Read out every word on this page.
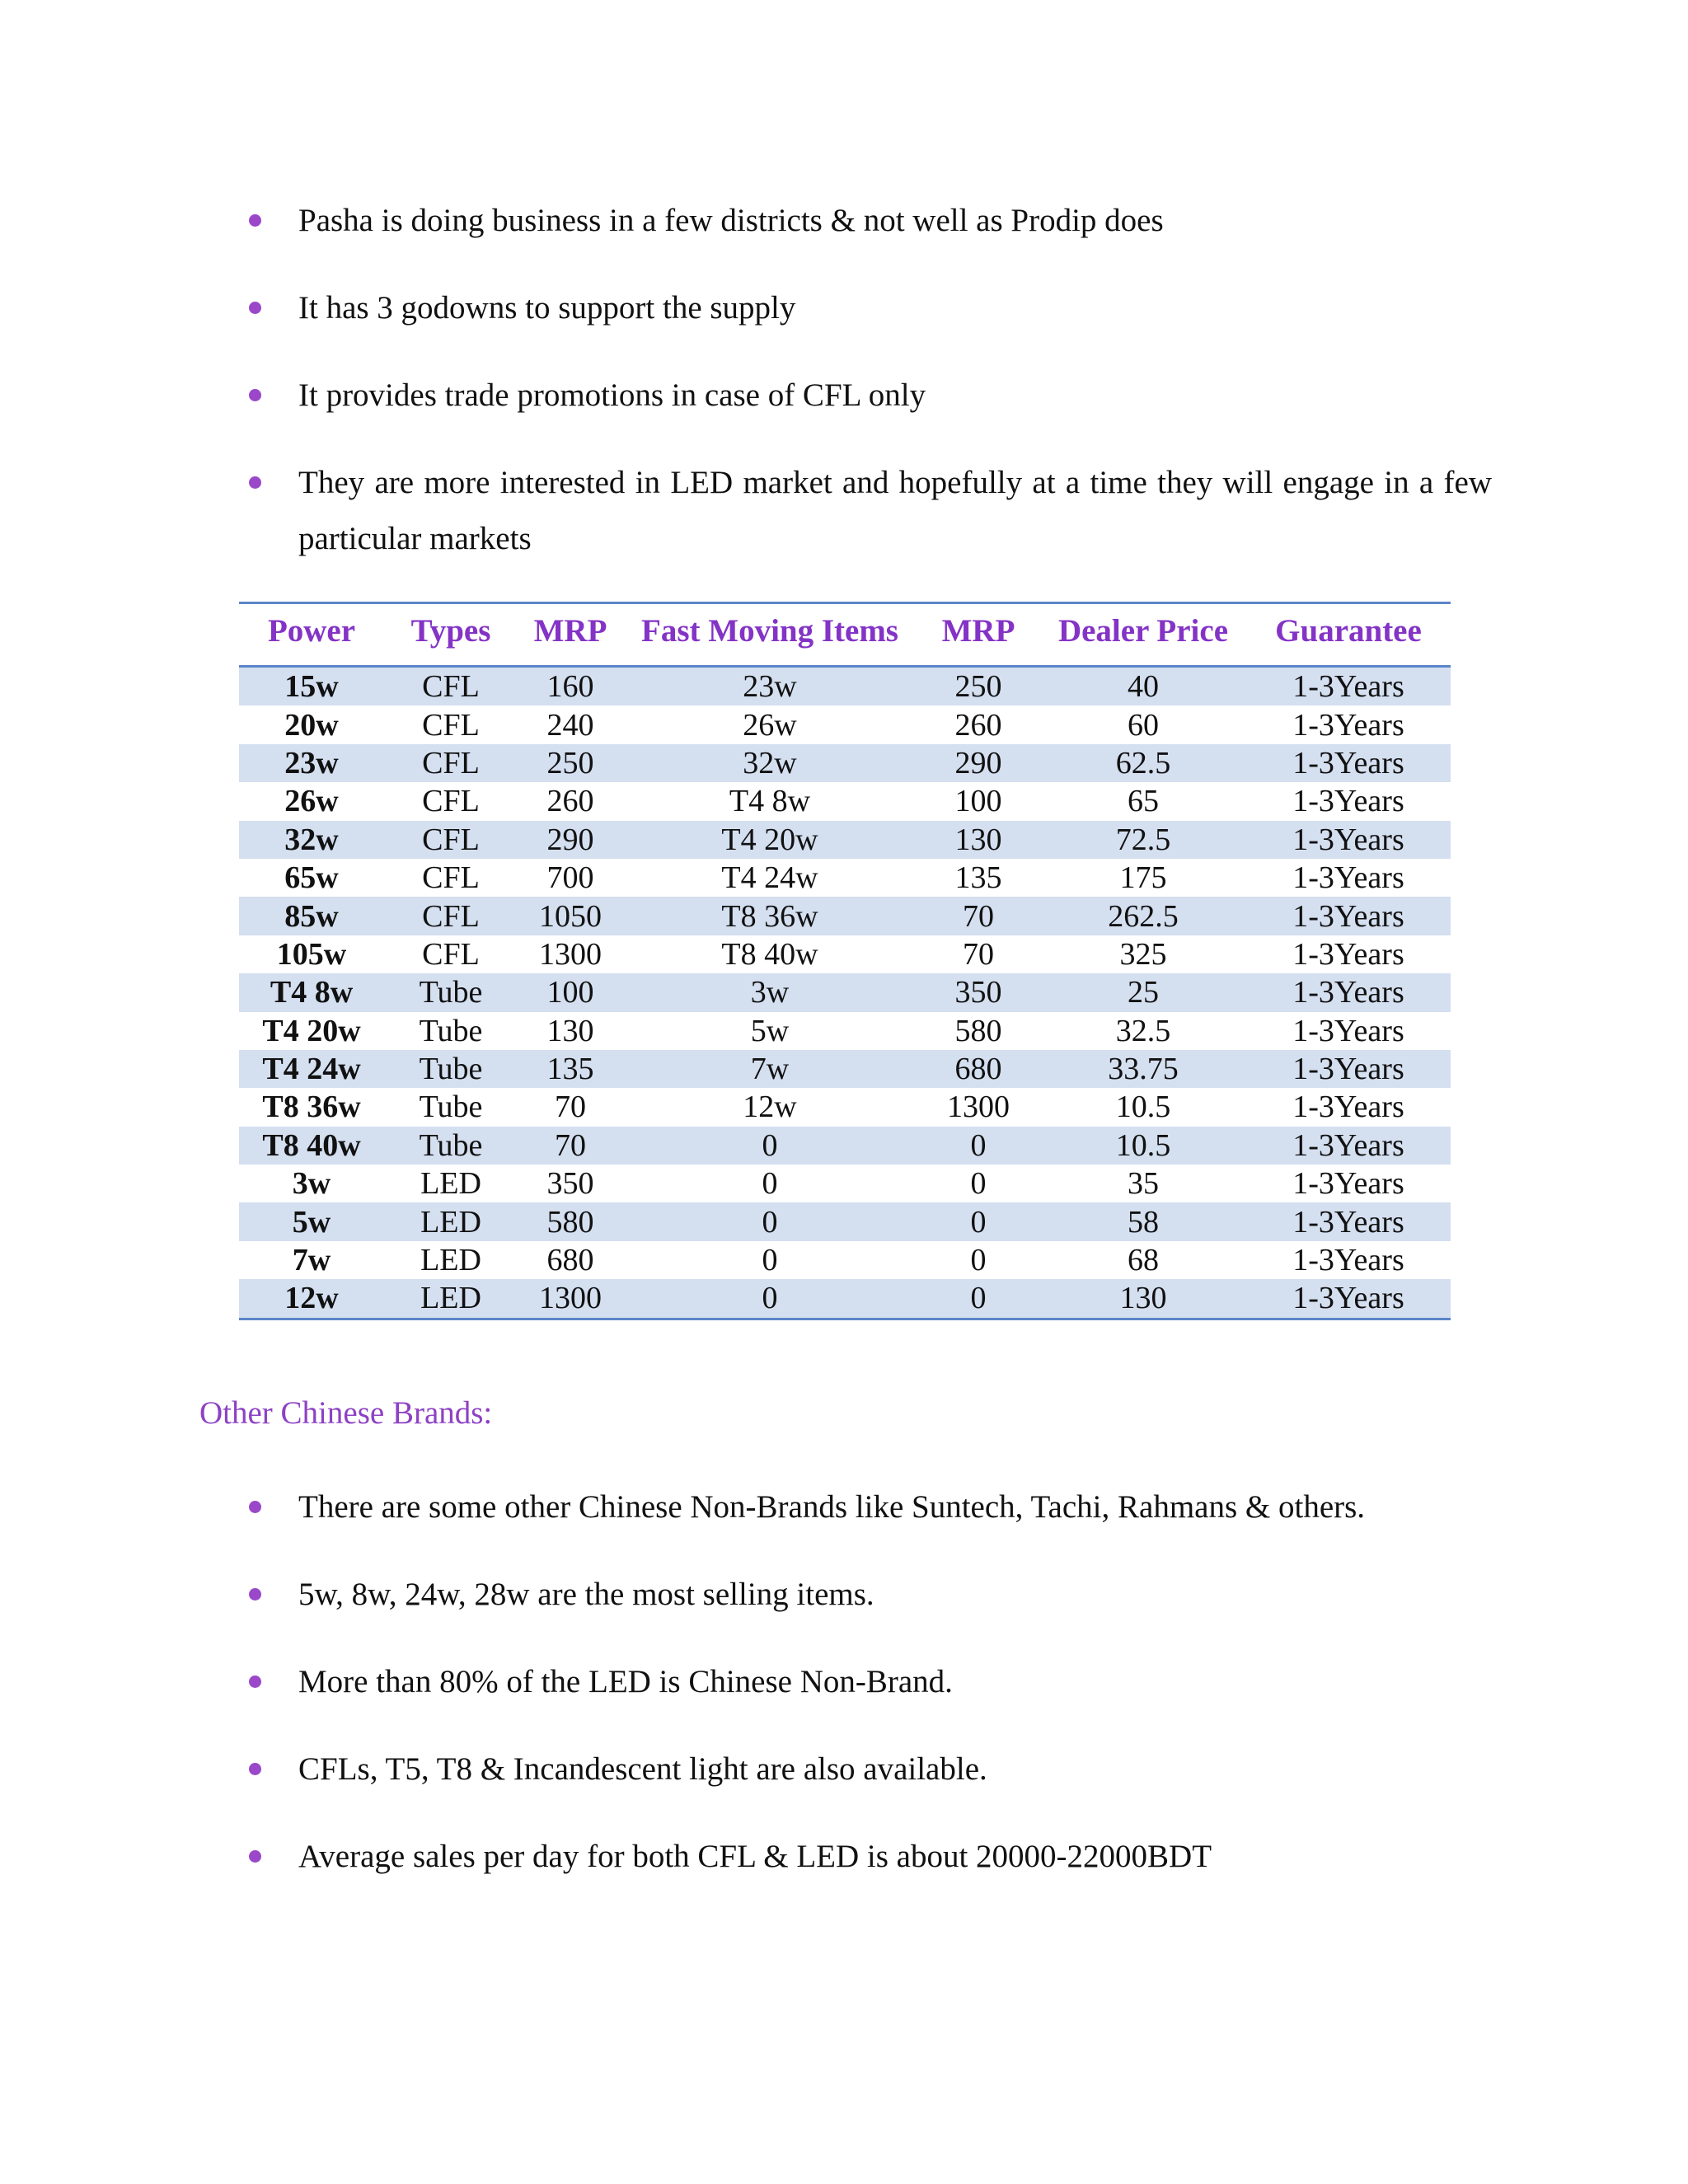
Pasha is doing business in a few districts & not well as Prodip does
It has 3 godowns to support the supply
It provides trade promotions in case of CFL only
They are more interested in LED market and hopefully at a time they will engage in a few particular markets
Power	Types	MRP	Fast Moving Items	MRP	Dealer Price	Guarantee
15w	CFL	160	23w	250	40	1-3Years
20w	CFL	240	26w	260	60	1-3Years
23w	CFL	250	32w	290	62.5	1-3Years
26w	CFL	260	T4 8w	100	65	1-3Years
32w	CFL	290	T4 20w	130	72.5	1-3Years
65w	CFL	700	T4 24w	135	175	1-3Years
85w	CFL	1050	T8 36w	70	262.5	1-3Years
105w	CFL	1300	T8 40w	70	325	1-3Years
T4 8w	Tube	100	3w	350	25	1-3Years
T4 20w	Tube	130	5w	580	32.5	1-3Years
T4 24w	Tube	135	7w	680	33.75	1-3Years
T8 36w	Tube	70	12w	1300	10.5	1-3Years
T8 40w	Tube	70	0	0	10.5	1-3Years
3w	LED	350	0	0	35	1-3Years
5w	LED	580	0	0	58	1-3Years
7w	LED	680	0	0	68	1-3Years
12w	LED	1300	0	0	130	1-3Years
Other Chinese Brands:
There are some other Chinese Non-Brands like Suntech, Tachi, Rahmans & others.
5w, 8w, 24w, 28w are the most selling items.
More than 80% of the LED is Chinese Non-Brand.
CFLs, T5, T8 & Incandescent light are also available.
Average sales per day for both CFL & LED is about 20000-22000BDT
